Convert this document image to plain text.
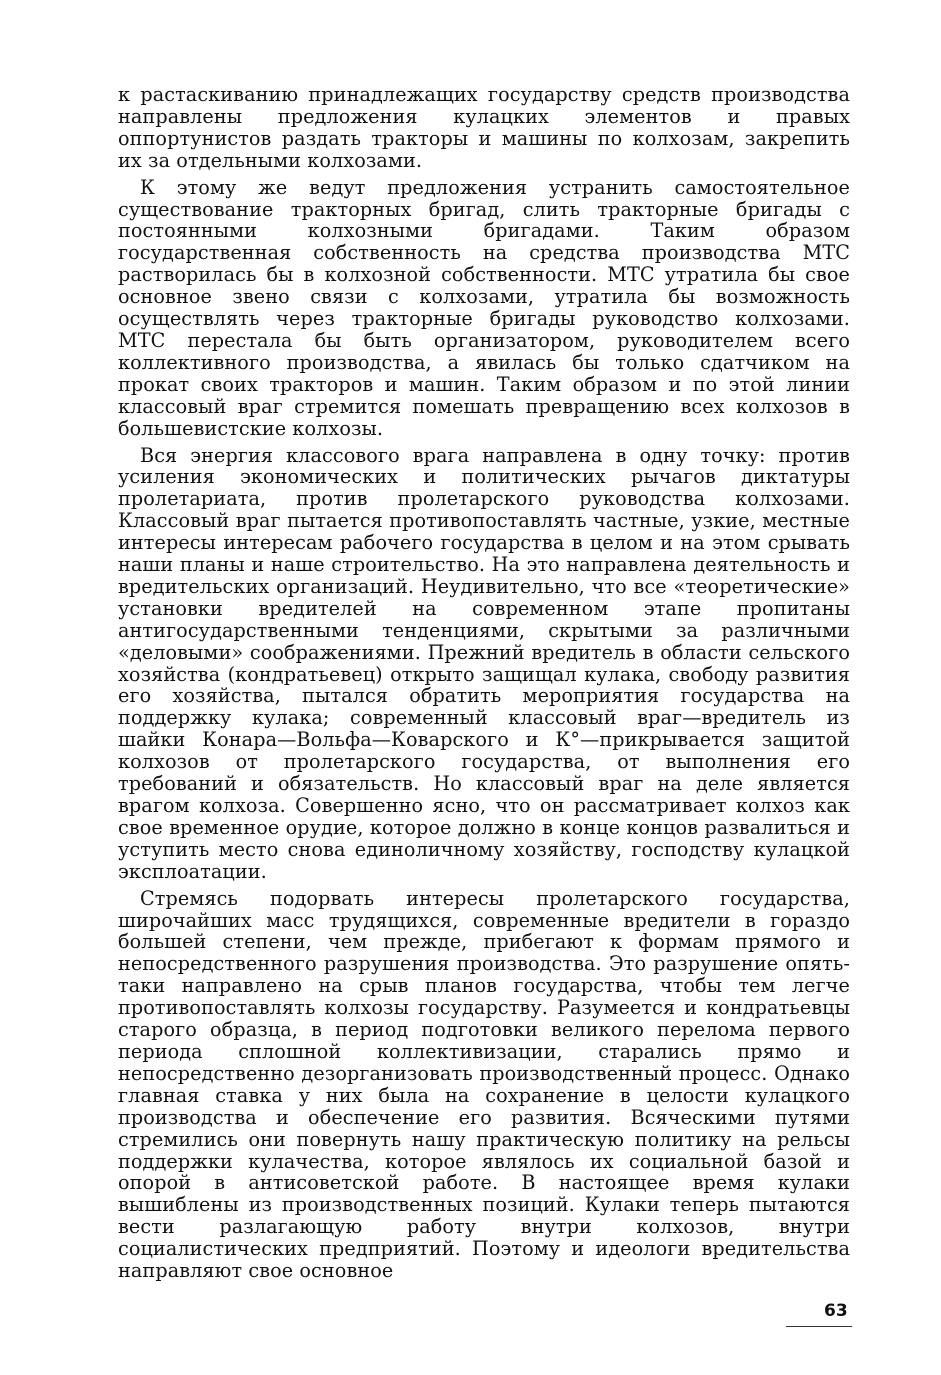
к растаскиванию принадлежащих государству средств производства направлены предложения кулацких элементов и правых оппортунистов раздать тракторы и машины по колхозам, закрепить их за отдельными колхозами.

К этому же ведут предложения устранить самостоятельное существование тракторных бригад, слить тракторные бригады с постоянными колхозными бригадами. Таким образом государственная собственность на средства производства МТС растворилась бы в колхозной собственности. МТС утратила бы свое основное звено связи с колхозами, утратила бы возможность осуществлять через тракторные бригады руководство колхозами. МТС перестала бы быть организатором, руководителем всего коллективного производства, а явилась бы только сдатчиком на прокат своих тракторов и машин. Таким образом и по этой линии классовый враг стремится помешать превращению всех колхозов в большевистские колхозы.

Вся энергия классового врага направлена в одну точку: против усиления экономических и политических рычагов диктатуры пролетариата, против пролетарского руководства колхозами. Классовый враг пытается противопоставлять частные, узкие, местные интересы интересам рабочего государства в целом и на этом срывать наши планы и наше строительство. На это направлена деятельность и вредительских организаций. Неудивительно, что все «теоретические» установки вредителей на современном этапе пропитаны антигосударственными тенденциями, скрытыми за различными «деловыми» соображениями. Прежний вредитель в области сельского хозяйства (кондратьевец) открыто защищал кулака, свободу развития его хозяйства, пытался обратить мероприятия государства на поддержку кулака; современный классовый враг—вредитель из шайки Конара—Вольфа—Коварского и К°—прикрывается защитой колхозов от пролетарского государства, от выполнения его требований и обязательств. Но классовый враг на деле является врагом колхоза. Совершенно ясно, что он рассматривает колхоз как свое временное орудие, которое должно в конце концов развалиться и уступить место снова единоличному хозяйству, господству кулацкой эксплоатации.

Стремясь подорвать интересы пролетарского государства, широчайших масс трудящихся, современные вредители в гораздо большей степени, чем прежде, прибегают к формам прямого и непосредственного разрушения производства. Это разрушение опять-таки направлено на срыв планов государства, чтобы тем легче противопоставлять колхозы государству. Разумеется и кондратьевцы старого образца, в период подготовки великого перелома первого периода сплошной коллективизации, старались прямо и непосредственно дезорганизовать производственный процесс. Однако главная ставка у них была на сохранение в целости кулацкого производства и обеспечение его развития. Всяческими путями стремились они повернуть нашу практическую политику на рельсы поддержки кулачества, которое являлось их социальной базой и опорой в антисоветской работе. В настоящее время кулаки вышиблены из производственных позиций. Кулаки теперь пытаются вести разлагающую работу внутри колхозов, внутри социалистических предприятий. Поэтому и идеологи вредительства направляют свое основное

63
